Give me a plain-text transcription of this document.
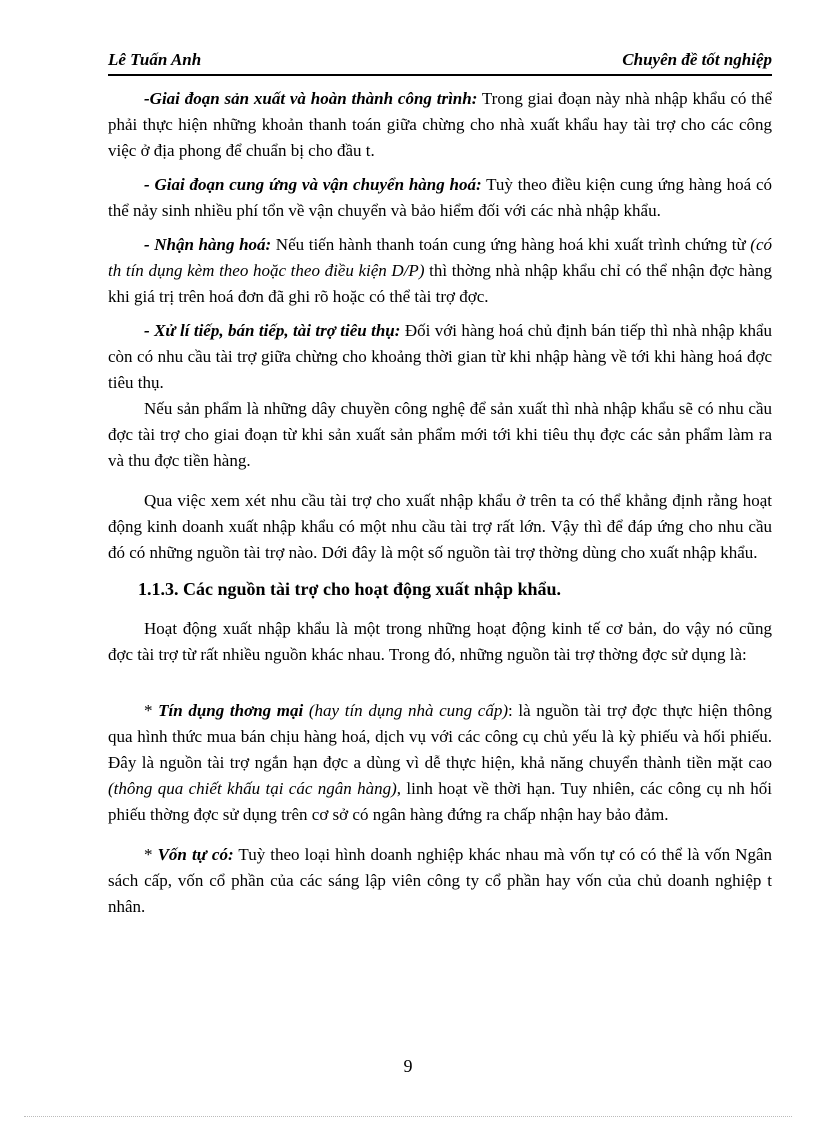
Lê Tuấn Anh	Chuyên đề tốt nghiệp

-Giai đoạn sản xuất và hoàn thành công trình: Trong giai đoạn này nhà nhập khẩu có thể phải thực hiện những khoản thanh toán giữa chừng cho nhà xuất khẩu hay tài trợ cho các công việc ở địa phong để chuẩn bị cho đầu t.

- Giai đoạn cung ứng và vận chuyển hàng hoá: Tuỳ theo điều kiện cung ứng hàng hoá có thể nảy sinh nhiều phí tổn về vận chuyển và bảo hiểm đối với các nhà nhập khẩu.

- Nhận hàng hoá: Nếu tiến hành thanh toán cung ứng hàng hoá khi xuất trình chứng từ (có th tín dụng kèm theo hoặc theo điều kiện D/P) thì thờng nhà nhập khẩu chỉ có thể nhận đợc hàng khi giá trị trên hoá đơn đã ghi rõ hoặc có thể tài trợ đợc.

- Xử lí tiếp, bán tiếp, tài trợ tiêu thụ: Đối với hàng hoá chủ định bán tiếp thì nhà nhập khẩu còn có nhu cầu tài trợ giữa chừng cho khoảng thời gian từ khi nhập hàng về tới khi hàng hoá đợc tiêu thụ.

Nếu sản phẩm là những dây chuyền công nghệ để sản xuất thì nhà nhập khẩu sẽ có nhu cầu đợc tài trợ cho giai đoạn từ khi sản xuất sản phẩm mới tới khi tiêu thụ đợc các sản phẩm làm ra và thu đợc tiền hàng.

Qua việc xem xét nhu cầu tài trợ cho xuất nhập khẩu ở trên ta có thể khẳng định rằng hoạt động kinh doanh xuất nhập khẩu có một nhu cầu tài trợ rất lớn. Vậy thì để đáp ứng cho nhu cầu đó có những nguồn tài trợ nào. Dới đây là một số nguồn tài trợ thờng dùng cho xuất nhập khẩu.

1.1.3. Các nguồn tài trợ cho hoạt động xuất nhập khẩu.

Hoạt động xuất nhập khẩu là một trong những hoạt động kinh tế cơ bản, do vậy nó cũng đợc tài trợ từ rất nhiều nguồn khác nhau. Trong đó, những nguồn tài trợ thờng đợc sử dụng là:

* Tín dụng thơng mại (hay tín dụng nhà cung cấp): là nguồn tài trợ đợc thực hiện thông qua hình thức mua bán chịu hàng hoá, dịch vụ với các công cụ chủ yếu là kỳ phiếu và hối phiếu. Đây là nguồn tài trợ ngắn hạn đợc a dùng vì dễ thực hiện, khả năng chuyển thành tiền mặt cao (thông qua chiết khấu tại các ngân hàng), linh hoạt về thời hạn. Tuy nhiên, các công cụ nh hối phiếu thờng đợc sử dụng trên cơ sở có ngân hàng đứng ra chấp nhận hay bảo đảm.

* Vốn tự có: Tuỳ theo loại hình doanh nghiệp khác nhau mà vốn tự có có thể là vốn Ngân sách cấp, vốn cổ phần của các sáng lập viên công ty cổ phần hay vốn của chủ doanh nghiệp t nhân.

9
